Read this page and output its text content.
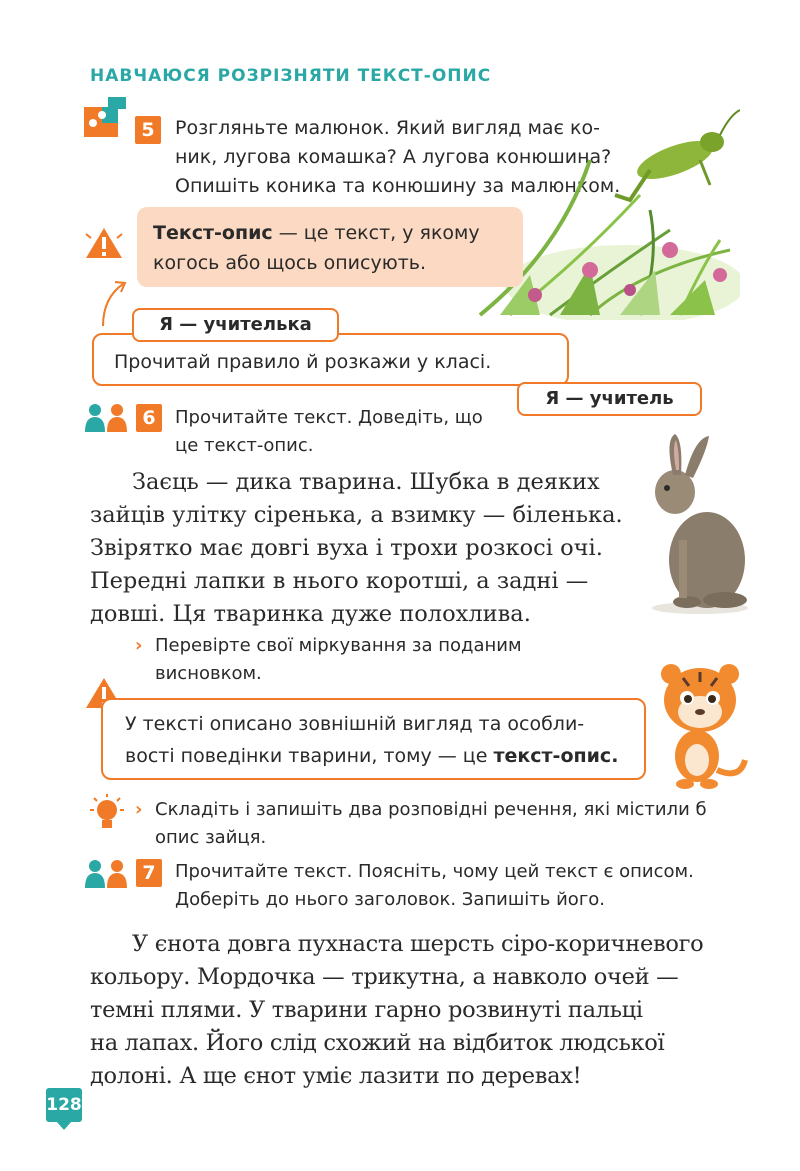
НАВЧАЮСЯ РОЗРІЗНЯТИ ТЕКСТ-ОПИС
5	Розгляньте малюнок. Який вигляд має ко-
ник, лугова комашка? А лугова конюшина?
Опишіть коника та конюшину за малюнком.
Текст-опис — це текст, у якому
когось або щось описують.
Прочитай правило й розкажи у класі.
Я — учителька
Я — учитель
6	Прочитайте текст. Доведіть, що
це текст-опис.
Заєць — дика тварина. Шубка в деяких
зайців улітку сіренька, а взимку — біленька.
Звірятко має довгі вуха і трохи розкосі очі.
Передні лапки в нього коротші, а задні —
довші. Ця тваринка дуже полохлива.
› Перевірте свої міркування за поданим
висновком.
У тексті описано зовнішній вигляд та особли-
вості поведінки тварини, тому — це текст-опис.
› Складіть і запишіть два розповідні речення, які містили б
опис зайця.
7	Прочитайте текст. Поясніть, чому цей текст є описом.
Доберіть до нього заголовок. Запишіть його.
У єнота довга пухнаста шерсть сіро-коричневого
кольору. Мордочка — трикутна, а навколо очей —
темні плями. У тварини гарно розвинуті пальці
на лапах. Його слід схожий на відбиток людської
долоні. А ще єнот уміє лазити по деревах!
128
